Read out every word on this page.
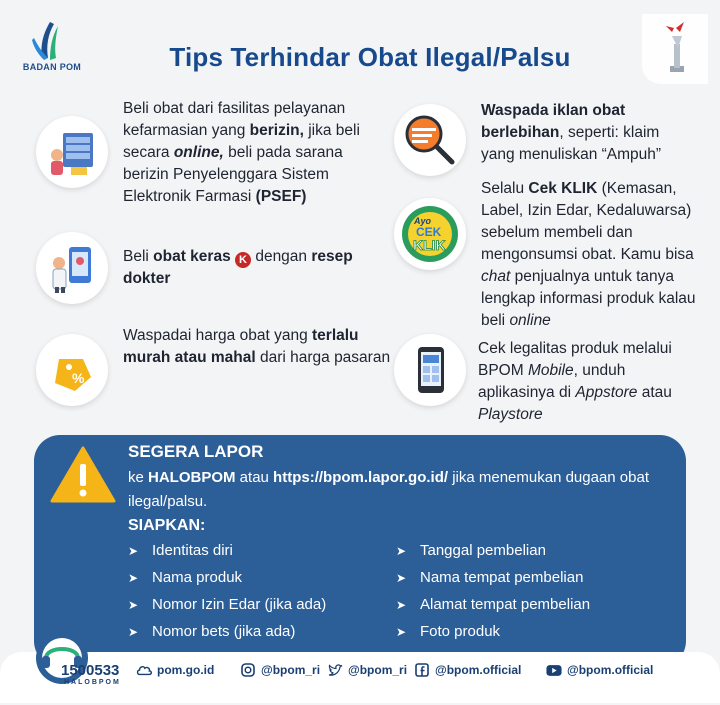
BADAN POM	Tips Terhindar Obat Ilegal/Palsu
Beli obat dari fasilitas pelayanan kefarmasian yang berizin, jika beli secara online, beli pada sarana berizin Penyelenggara Sistem Elektronik Farmasi (PSEF)
Beli obat keras K dengan resep dokter
%
Waspadai harga obat yang terlalu murah atau mahal dari harga pasaran
Waspada iklan obat berlebihan, seperti: klaim yang menuliskan “Ampuh”
Ayo
CEK
KLIK
Selalu Cek KLIK (Kemasan, Label, Izin Edar, Kedaluwarsa) sebelum membeli dan mengonsumsi obat. Kamu bisa chat penjualnya untuk tanya lengkap informasi produk kalau beli online
Cek legalitas produk melalui BPOM Mobile, unduh aplikasinya di Appstore atau Playstore
SEGERA LAPOR
ke HALOBPOM atau https://bpom.lapor.go.id/ jika menemukan dugaan obat ilegal/palsu.
SIAPKAN:
➤ Identitas diri
➤ Nama produk
➤ Nomor Izin Edar (jika ada)
➤ Nomor bets (jika ada)
➤ Tanggal pembelian
➤ Nama tempat pembelian
➤ Alamat tempat pembelian
➤ Foto produk
1500533
HALOBPOM
pom.go.id	@bpom_ri @bpom_ri @bpom.official	@bpom.official
